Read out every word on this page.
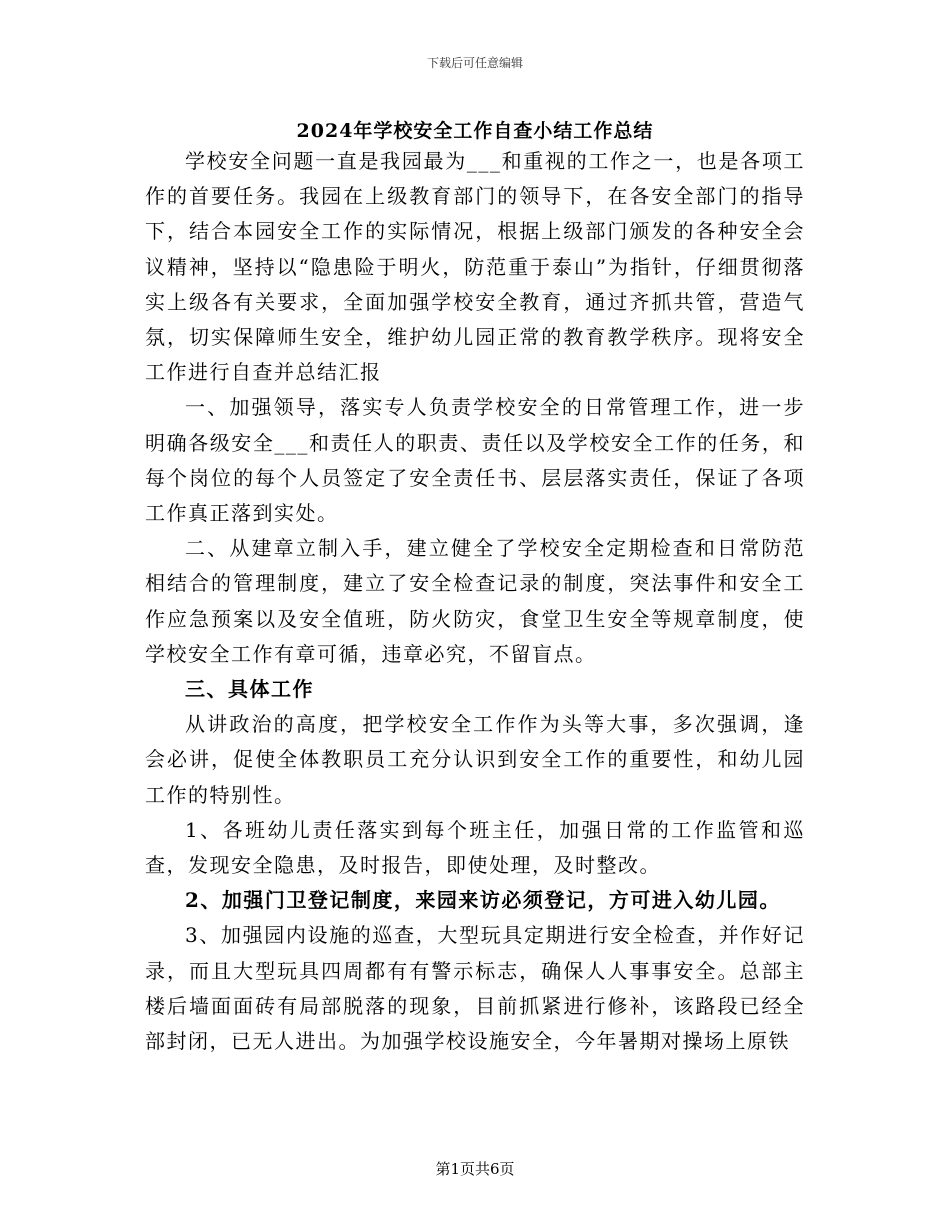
下载后可任意编辑
2024年学校安全工作自查小结工作总结

学校安全问题一直是我园最为___和重视的工作之一，也是各项工作的首要任务。我园在上级教育部门的领导下，在各安全部门的指导下，结合本园安全工作的实际情况，根据上级部门颁发的各种安全会议精神，坚持以“隐患险于明火，防范重于泰山”为指针，仔细贯彻落实上级各有关要求，全面加强学校安全教育，通过齐抓共管，营造气氛，切实保障师生安全，维护幼儿园正常的教育教学秩序。现将安全工作进行自查并总结汇报

一、加强领导，落实专人负责学校安全的日常管理工作，进一步明确各级安全___和责任人的职责、责任以及学校安全工作的任务，和每个岗位的每个人员签定了安全责任书、层层落实责任，保证了各项工作真正落到实处。

二、从建章立制入手，建立健全了学校安全定期检查和日常防范相结合的管理制度，建立了安全检查记录的制度，突法事件和安全工作应急预案以及安全值班，防火防灾，食堂卫生安全等规章制度，使学校安全工作有章可循，违章必究，不留盲点。

三、具体工作

从讲政治的高度，把学校安全工作作为头等大事，多次强调，逢会必讲，促使全体教职员工充分认识到安全工作的重要性，和幼儿园工作的特别性。

1、各班幼儿责任落实到每个班主任，加强日常的工作监管和巡查，发现安全隐患，及时报告，即使处理，及时整改。

2、加强门卫登记制度，来园来访必须登记，方可进入幼儿园。

3、加强园内设施的巡查，大型玩具定期进行安全检查，并作好记录，而且大型玩具四周都有有警示标志，确保人人事事安全。总部主楼后墙面面砖有局部脱落的现象，目前抓紧进行修补，该路段已经全部封闭，已无人进出。为加强学校设施安全，今年暑期对操场上原铁

第1页共6页
